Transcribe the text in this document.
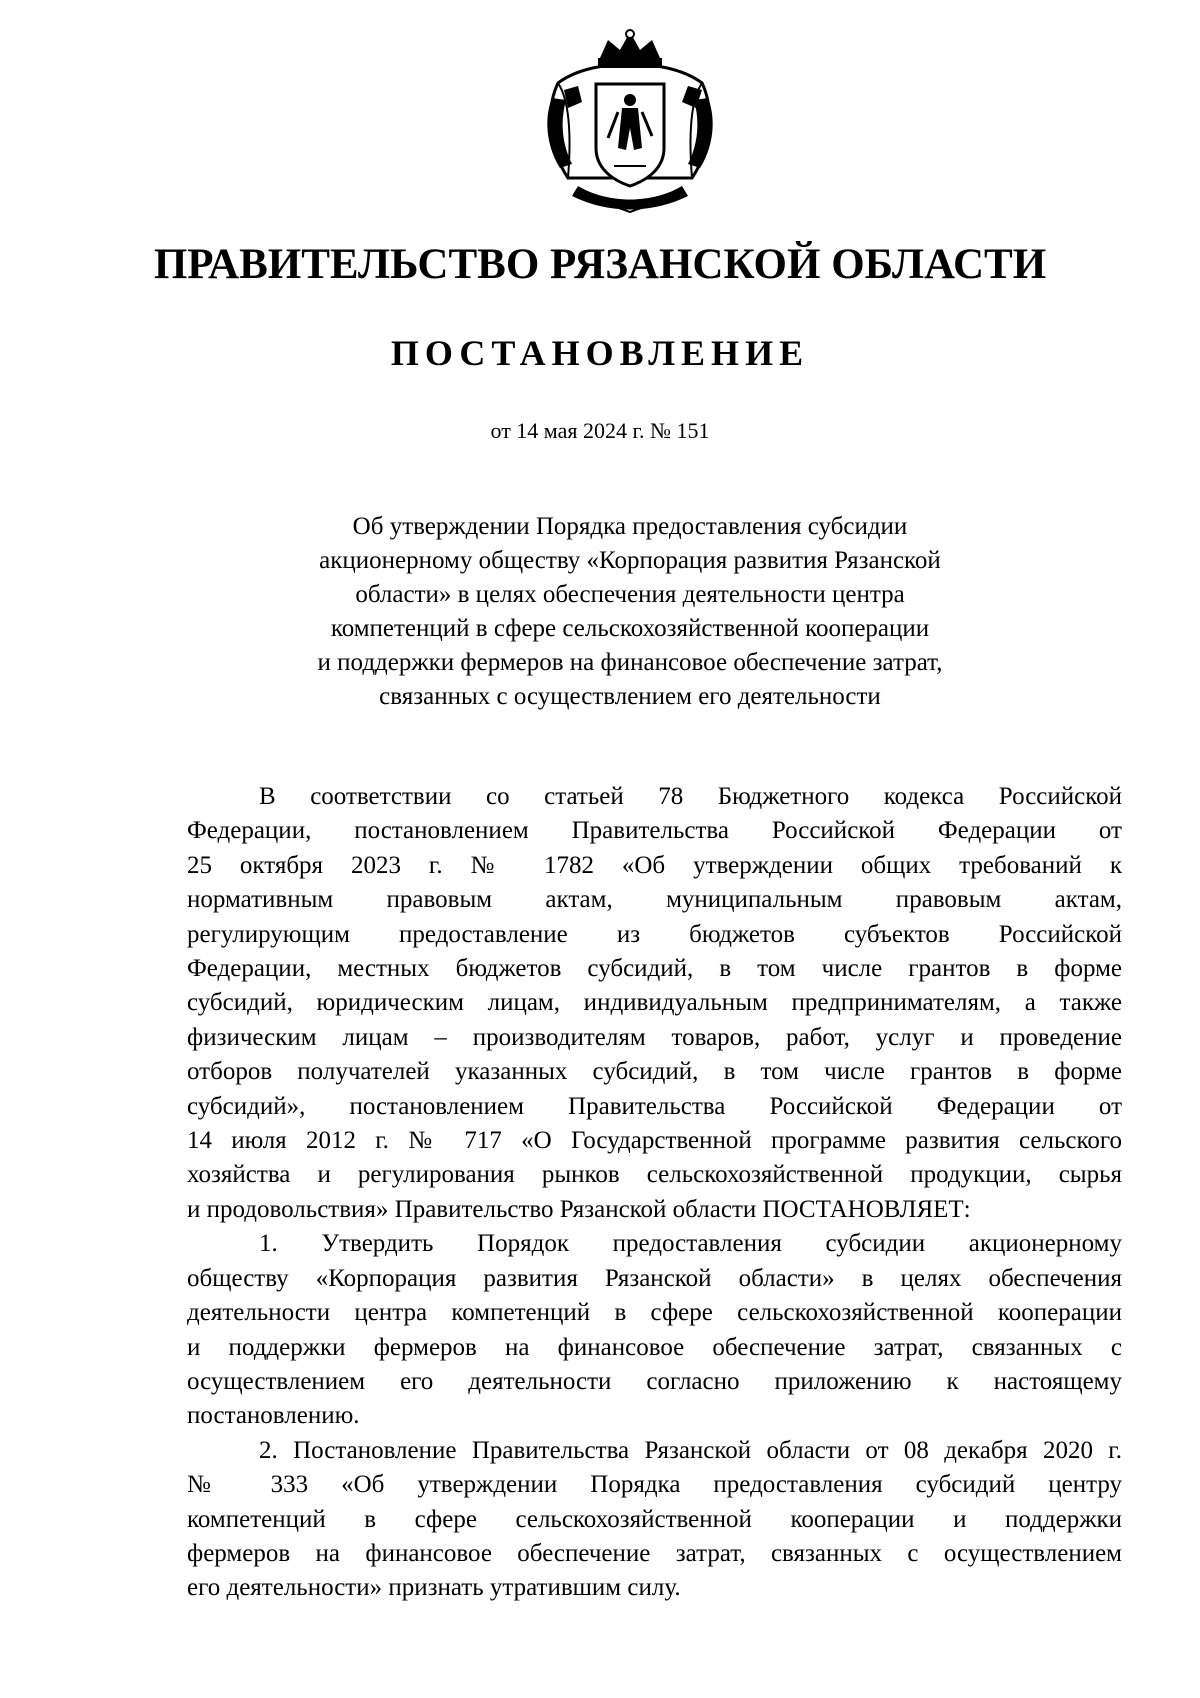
ПРАВИТЕЛЬСТВО РЯЗАНСКОЙ ОБЛАСТИ
ПОСТАНОВЛЕНИЕ

от 14 мая 2024 г. № 151

Об утверждении Порядка предоставления субсидии
акционерному обществу «Корпорация развития Рязанской
области» в целях обеспечения деятельности центра
компетенций в сфере сельскохозяйственной кооперации
и поддержки фермеров на финансовое обеспечение затрат,
связанных с осуществлением его деятельности

В соответствии со статьей 78 Бюджетного кодекса Российской
Федерации, постановлением Правительства Российской Федерации от
25 октября 2023 г. № 1782 «Об утверждении общих требований к
нормативным правовым актам, муниципальным правовым актам,
регулирующим предоставление из бюджетов субъектов Российской
Федерации, местных бюджетов субсидий, в том числе грантов в форме
субсидий, юридическим лицам, индивидуальным предпринимателям, а также
физическим лицам – производителям товаров, работ, услуг и проведение
отборов получателей указанных субсидий, в том числе грантов в форме
субсидий», постановлением Правительства Российской Федерации от
14 июля 2012 г. № 717 «О Государственной программе развития сельского
хозяйства и регулирования рынков сельскохозяйственной продукции, сырья
и продовольствия» Правительство Рязанской области ПОСТАНОВЛЯЕТ:

1. Утвердить Порядок предоставления субсидии акционерному
обществу «Корпорация развития Рязанской области» в целях обеспечения
деятельности центра компетенций в сфере сельскохозяйственной кооперации
и поддержки фермеров на финансовое обеспечение затрат, связанных с
осуществлением его деятельности согласно приложению к настоящему
постановлению.

2. Постановление Правительства Рязанской области от 08 декабря 2020 г.
№ 333 «Об утверждении Порядка предоставления субсидий центру
компетенций в сфере сельскохозяйственной кооперации и поддержки
фермеров на финансовое обеспечение затрат, связанных с осуществлением
его деятельности» признать утратившим силу.
